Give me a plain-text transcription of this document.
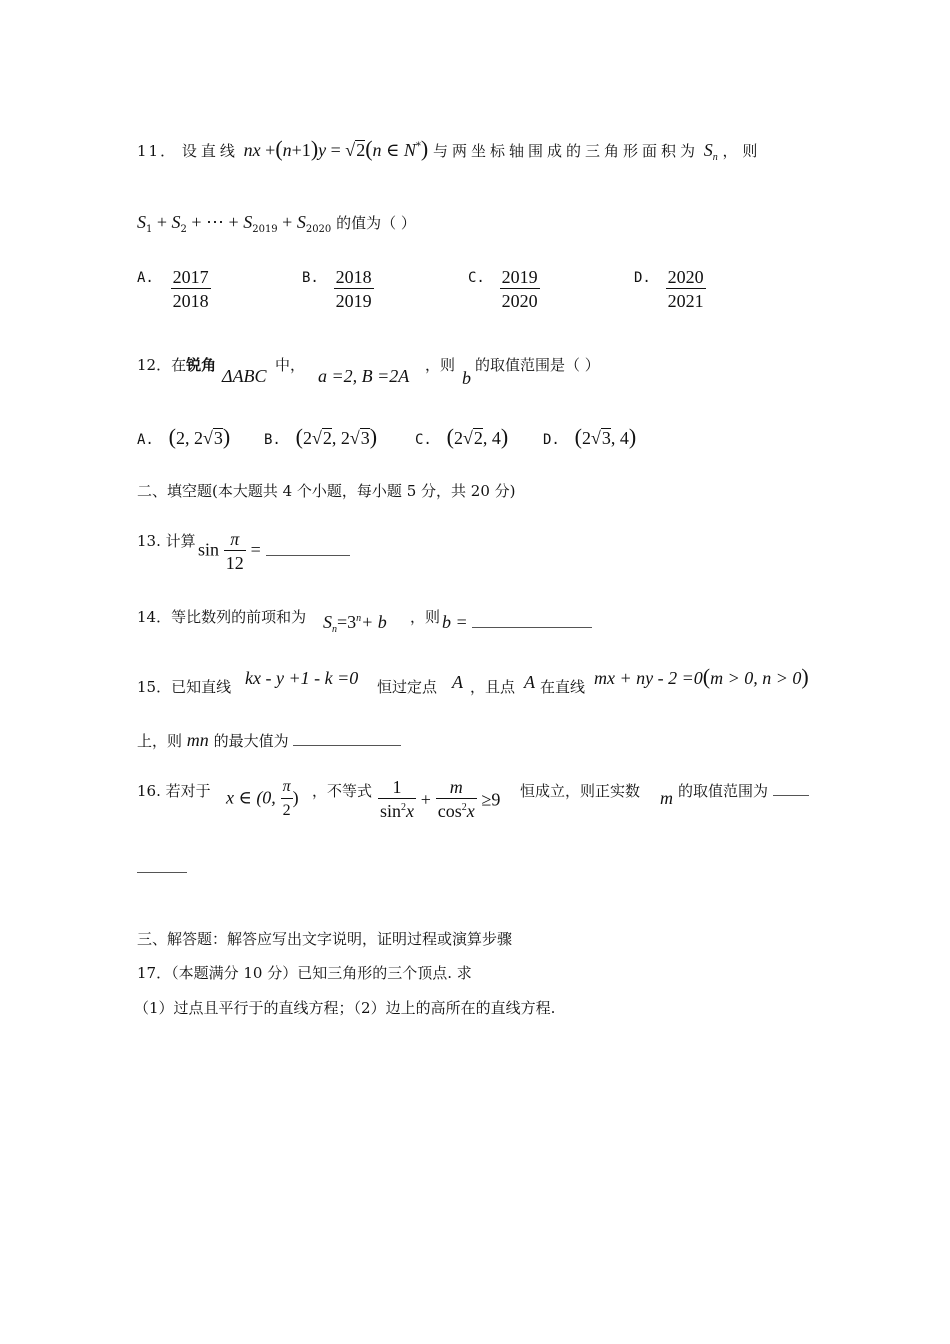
11． 设直线 nx +(n+1)y = √2(n ∈ N*) 与两坐标轴围成的三角形面积为 $S_n$ ， 则
$S_1 + S_2$ + ⋯ + $S_{2019} + S_{2020}$ 的值为（ ）
A. $\frac{2017}{2018}$	B. $\frac{2018}{2019}$	C. $\frac{2019}{2020}$	D. $\frac{2020}{2021}$
12．在锐角
ΔABC
中，
a =2, B =2A
，则
b
的取值范围是（ ）
A. (2, 2√3) B. (2√2, 2√3)	C. (2√2, 4) D. (2√3, 4)
二、填空题(本大题共 4 个小题，每小题 5 分，共 20 分)
13. 计算 $\sin \frac{\pi}{12}$ =
14．等比数列的前项和为 $S_n=3^n+ b$ ，则 b =
15．已知直线 kx - y +1 - k =0 恒过定点 A ，且点 A 在直线 mx + ny - 2 =0(m > 0, n > 0)
上，则 mn 的最大值为
16. 若对于 x ∈ (0, $\frac{\pi}{2}$ ) ，不等式 $\frac{1}{\sin^2x} + \frac{m}{\cos^2x} \ge 9$ 恒成立，则正实数 m 的取值范围为
三、解答题：解答应写出文字说明，证明过程或演算步骤
17．（本题满分 10 分）已知三角形的三个顶点. 求
（1）过点且平行于的直线方程；（2）边上的高所在的直线方程.
